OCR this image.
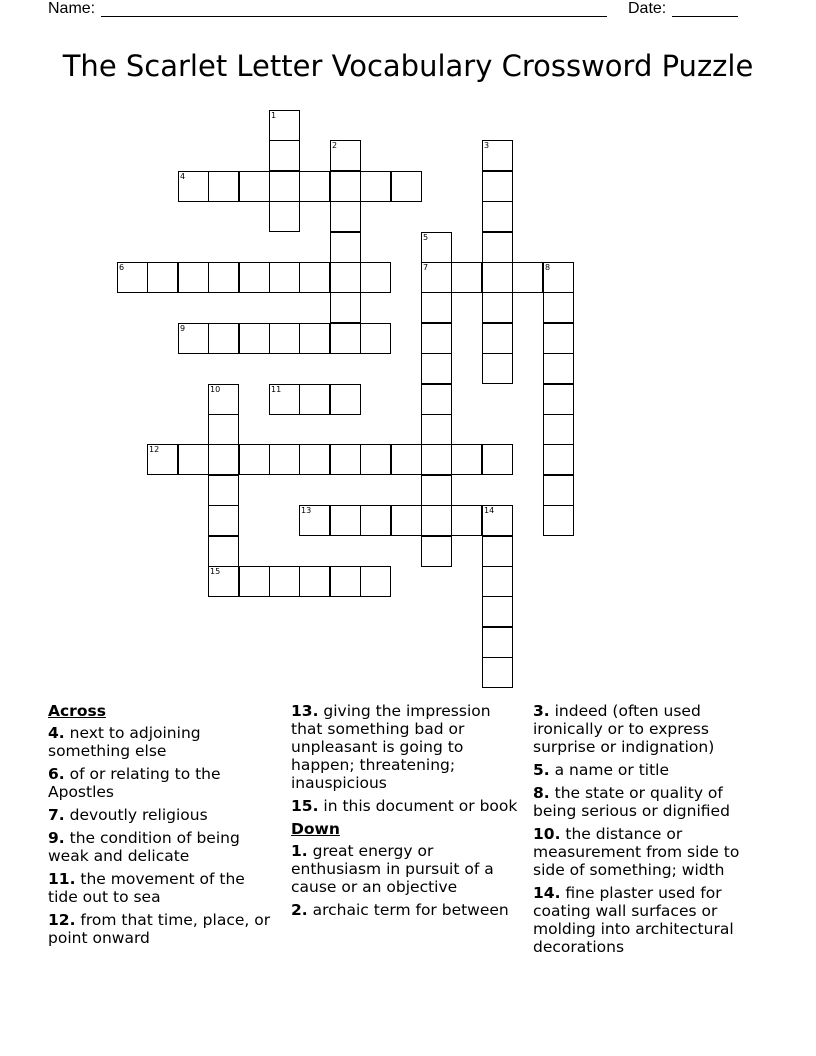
Name:	Date:
The Scarlet Letter Vocabulary Crossword Puzzle
1
2	3
4
5
7
6	8
9
10
15
11
12
13	14
Across
4. next to adjoining something else
6. of or relating to the Apostles
7. devoutly religious
9. the condition of being weak and delicate
11. the movement of the tide out to sea
12. from that time, place, or point onward
13. giving the impression that something bad or unpleasant is going to happen; threatening; inauspicious
15. in this document or book
Down
1. great energy or enthusiasm in pursuit of a cause or an objective
2. archaic term for between
3. indeed (often used ironically or to express surprise or indignation)
5. a name or title
8. the state or quality of being serious or dignified
10. the distance or measurement from side to side of something; width
14. fine plaster used for coating wall surfaces or molding into architectural decorations
